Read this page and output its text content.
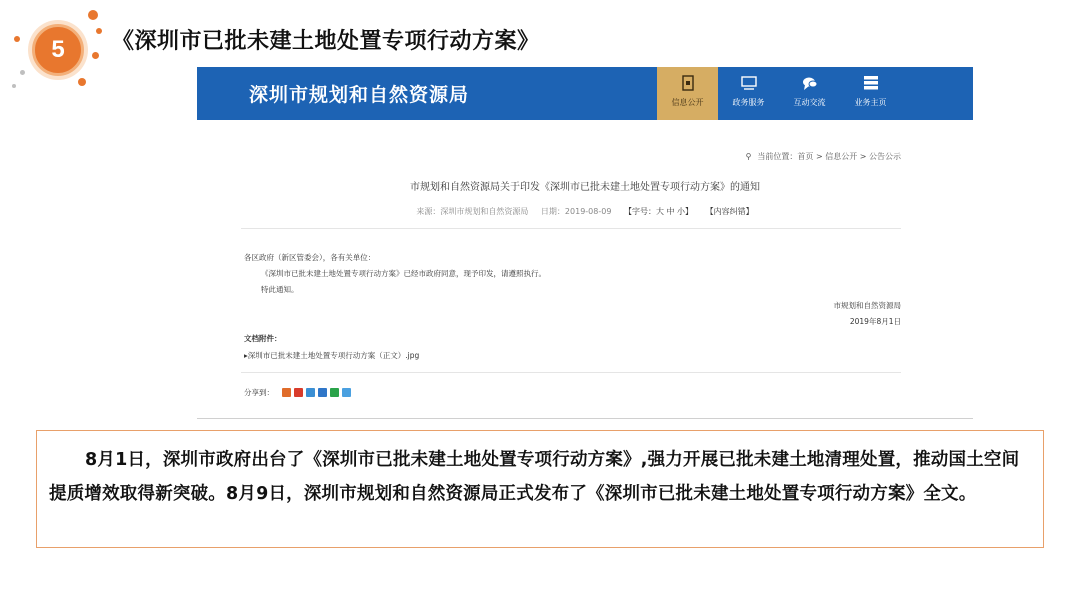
5	《深圳市已批未建土地处置专项行动方案》
深圳市规划和自然资源局	信息公开	政务服务	互动交流	业务主页
⚲ 当前位置：首页 > 信息公开 > 公告公示
市规划和自然资源局关于印发《深圳市已批未建土地处置专项行动方案》的通知
来源：深圳市规划和自然资源局 日期：2019-08-09 【字号：大 中 小】 【内容纠错】
各区政府（新区管委会），各有关单位：
《深圳市已批未建土地处置专项行动方案》已经市政府同意，现予印发，请遵照执行。
特此通知。
市规划和自然资源局
2019年8月1日
文档附件：
▸深圳市已批未建土地处置专项行动方案（正文）.jpg
分享到：

8月1日，深圳市政府出台了《深圳市已批未建土地处置专项行动方案》,强力开展已批未建土地清理处置，推动国土空间提质增效取得新突破。8月9日，深圳市规划和自然资源局正式发布了《深圳市已批未建土地处置专项行动方案》全文。
